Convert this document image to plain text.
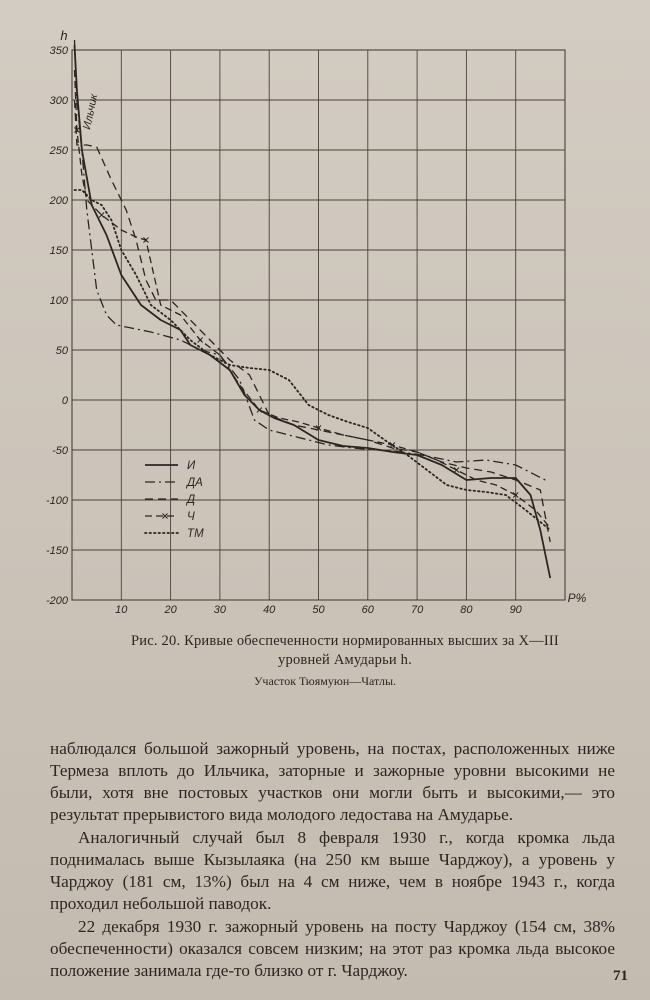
350
300
250
200
150
100
50
0
-50
-100
-150
-200
10	20	30	40	50	60	70	80	90
h
P%
Ильчик
И
ДА
Д
Ч
ТМ
Рис. 20. Кривые обеспеченности нормированных высших за X—III уровней Амударьи h.
Участок Тюямуюн—Чатлы.

наблюдался большой зажорный уровень, на постах, расположенных ниже Термеза вплоть до Ильчика, заторные и зажорные уровни высокими не были, хотя вне постовых участков они могли быть и высокими,— это результат прерывистого вида молодого ледостава на Амударье.

Аналогичный случай был 8 февраля 1930 г., когда кромка льда поднималась выше Кызылаяка (на 250 км выше Чарджоу), а уровень у Чарджоу (181 см, 13%) был на 4 см ниже, чем в ноябре 1943 г., когда проходил небольшой паводок.

22 декабря 1930 г. зажорный уровень на посту Чарджоу (154 см, 38% обеспеченности) оказался совсем низким; на этот раз кромка льда высокое положение занимала где-то близко от г. Чарджоу.	71
